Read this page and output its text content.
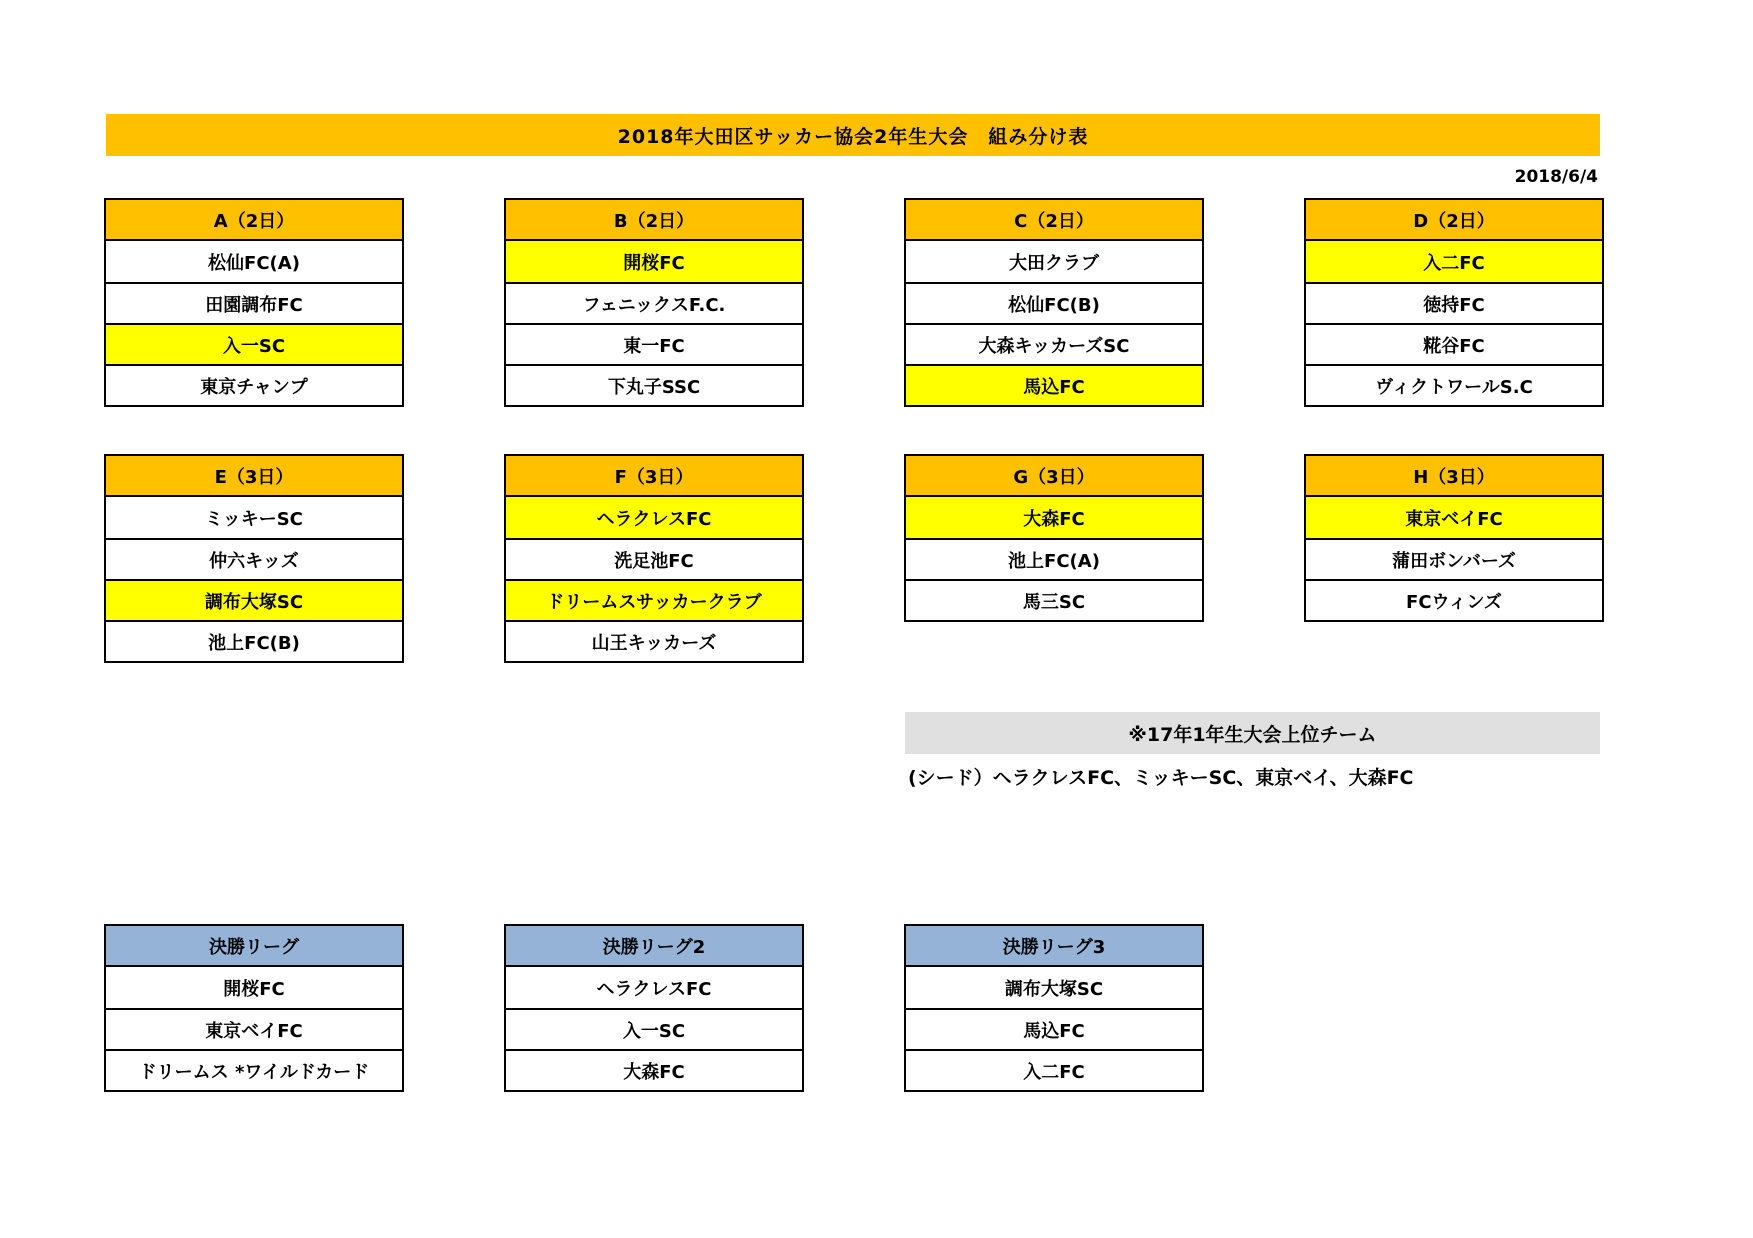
2018年大田区サッカー協会2年生大会　組み分け表
2018/6/4
A（2日）
松仙FC(A)
田園調布FC
入一SC
東京チャンプ
B（2日）
開桜FC
フェニックスF.C.
東一FC
下丸子SSC
C（2日）
大田クラブ
松仙FC(B)
大森キッカーズSC
馬込FC
D（2日）
入二FC
徳持FC
糀谷FC
ヴィクトワールS.C
E（3日）
ミッキーSC
仲六キッズ
調布大塚SC
池上FC(B)
F（3日）
ヘラクレスFC
洗足池FC
ドリームスサッカークラブ
山王キッカーズ
G（3日）
大森FC
池上FC(A)
馬三SC
H（3日）
東京ベイFC
蒲田ボンバーズ
FCウィンズ
※17年1年生大会上位チーム
(シード）ヘラクレスFC、ミッキーSC、東京ベイ、大森FC
決勝リーグ
開桜FC
東京ベイFC
ドリームス *ワイルドカード
決勝リーグ2
ヘラクレスFC
入一SC
大森FC
決勝リーグ3
調布大塚SC
馬込FC
入二FC
